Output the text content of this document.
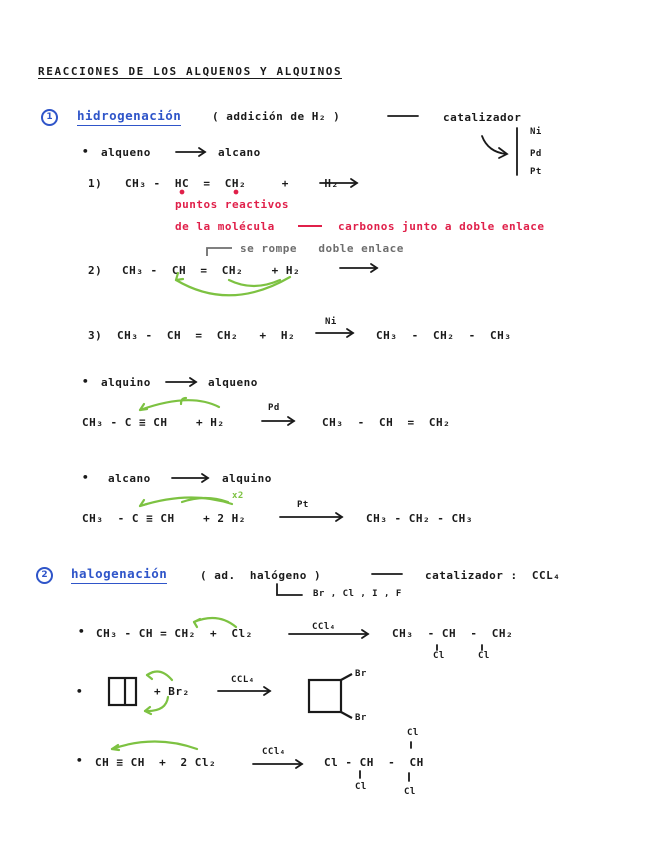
REACCIONES DE LOS ALQUENOS Y ALQUINOS
1	hidrogenación	( addición de H₂ )	catalizador
Ni
Pd
Pt
• alqueno	alcano
1) CH₃ -  HC  =  CH₂     +     H₂
puntos reactivos
de la molécula	carbonos junto a doble enlace
se rompe   doble enlace
2) CH₃ -  CH  =  CH₂    + H₂
3) CH₃ -  CH  =  CH₂   +  H₂
Ni
CH₃  -  CH₂  -  CH₃
• alquino	alqueno
CH₃ - C ≡ CH    + H₂
Pd
CH₃  -  CH  =  CH₂
• alcano	alquino
x2
CH₃  - C ≡ CH    + 2 H₂
Pt
CH₃ - CH₂ - CH₃
2	halogenación	( ad.  halógeno )	catalizador :  CCL₄
Br , Cl , I , F
• CH₃ - CH = CH₂  +  Cl₂	CCl₄	CH₃  - CH  -  CH₂
Cl	Cl
•	+ Br₂
CCL₄
Br
Br
• CH ≡ CH  +  2 Cl₂
CCl₄
Cl - CH  -  CH
Cl
Cl	Cl
